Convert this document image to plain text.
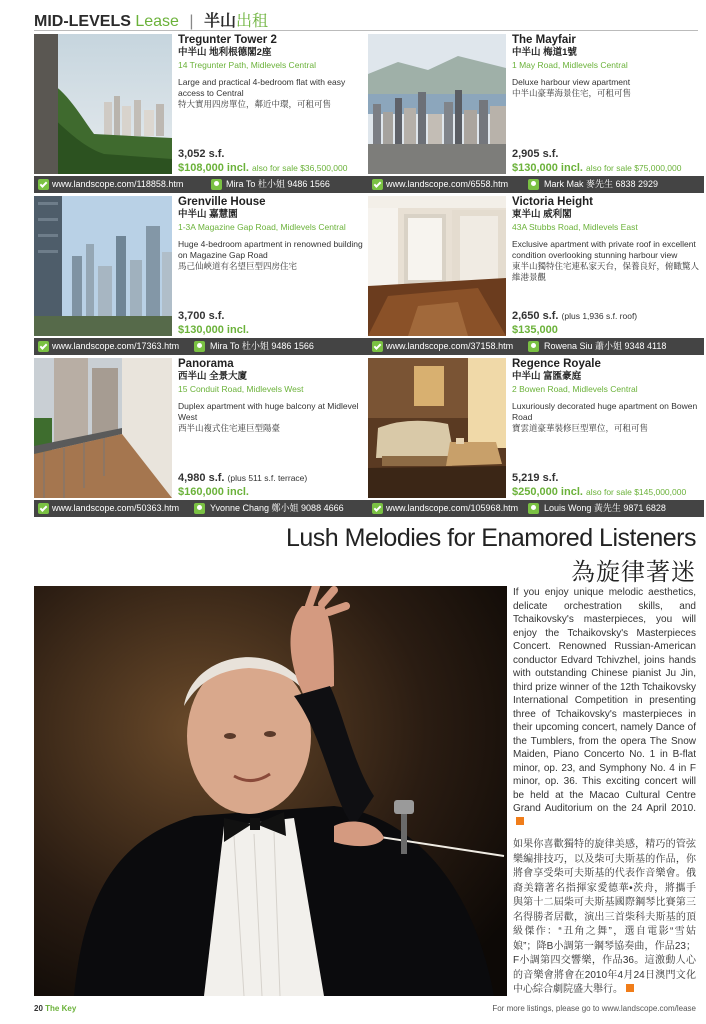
MID-LEVELS Lease | 半山出租
Tregunter Tower 2
中半山 地利根德閣2座
14 Tregunter Path, Midlevels Central
Large and practical 4-bedroom flat with easy access to Central
特大實用四房單位，鄰近中環，可租可售
3,052 s.f.
$108,000 incl. also for sale $36,500,000
www.landscope.com/118858.htm	Mira To 杜小姐 9486 1566
The Mayfair
中半山 梅道1號
1 May Road, Midlevels Central
Deluxe harbour view apartment
中半山豪華海景住宅，可租可售
2,905 s.f.
$130,000 incl. also for sale $75,000,000
www.landscope.com/6558.htm	Mark Mak 麥先生 6838 2929
Grenville House
中半山 嘉慧園
1-3A Magazine Gap Road, Midlevels Central
Huge 4-bedroom apartment in renowned building on Magazine Gap Road
馬己仙峽道有名望巨型四房住宅
3,700 s.f.
$130,000 incl.
www.landscope.com/17363.htm	Mira To 杜小姐 9486 1566
Victoria Height
東半山 威利閣
43A Stubbs Road, Midlevels East
Exclusive apartment with private roof in excellent condition overlooking stunning harbour view
東半山獨特住宅連私家天台，保養良好，俯瞰驚人維港景觀
2,650 s.f. (plus 1,936 s.f. roof)
$135,000
www.landscope.com/37158.htm	Rowena Siu 蕭小姐 9348 4118
Panorama
西半山 全景大廈
15 Conduit Road, Midlevels West
Duplex apartment with huge balcony at Midlevel West
西半山複式住宅連巨型陽臺
4,980 s.f. (plus 511 s.f. terrace)
$160,000 incl.
www.landscope.com/50363.htm	Yvonne Chang 鄭小姐 9088 4666
Regence Royale
中半山 富匯豪庭
2 Bowen Road, Midlevels Central
Luxuriously decorated huge apartment on Bowen Road
寶雲道豪華裝修巨型單位，可租可售
5,219 s.f.
$250,000 incl. also for sale $145,000,000
www.landscope.com/105968.htm	Louis Wong 黃先生 9871 6828
Lush Melodies for Enamored Listeners
為旋律著迷
If you enjoy unique melodic aesthetics, delicate orchestration skills, and Tchaikovsky's masterpieces, you will enjoy the Tchaikovsky's Masterpieces Concert. Renowned Russian-American conductor Edvard Tchivzhel, joins hands with outstanding Chinese pianist Ju Jin, third prize winner of the 12th Tchaikovsky International Competition in presenting three of Tchaikovsky's masterpieces in their upcoming concert, namely Dance of the Tumblers, from the opera The Snow Maiden, Piano Concerto No. 1 in B-flat minor, op. 23, and Symphony No. 4 in F minor, op. 36. This exciting concert will be held at the Macao Cultural Centre Grand Auditorium on the 24 April 2010.
如果你喜歡獨特的旋律美感，精巧的管弦樂編排技巧，以及柴可夫斯基的作品，你將會享受柴可夫斯基的代表作音樂會。俄裔美籍著名指揮家愛德華•茨舟，將攜手與第十二屆柴可夫斯基國際鋼琴比賽第三名得勝者居歡，演出三首柴科夫斯基的頂級傑作：“丑角之舞”，選自電影“雪姑娘”；降B小調第一鋼琴協奏曲，作品23；F小調第四交響樂，作品36。這激動人心的音樂會將會在2010年4月24日澳門文化中心綜合劇院盛大舉行。
20 The Key	For more listings, please go to www.landscope.com/lease
